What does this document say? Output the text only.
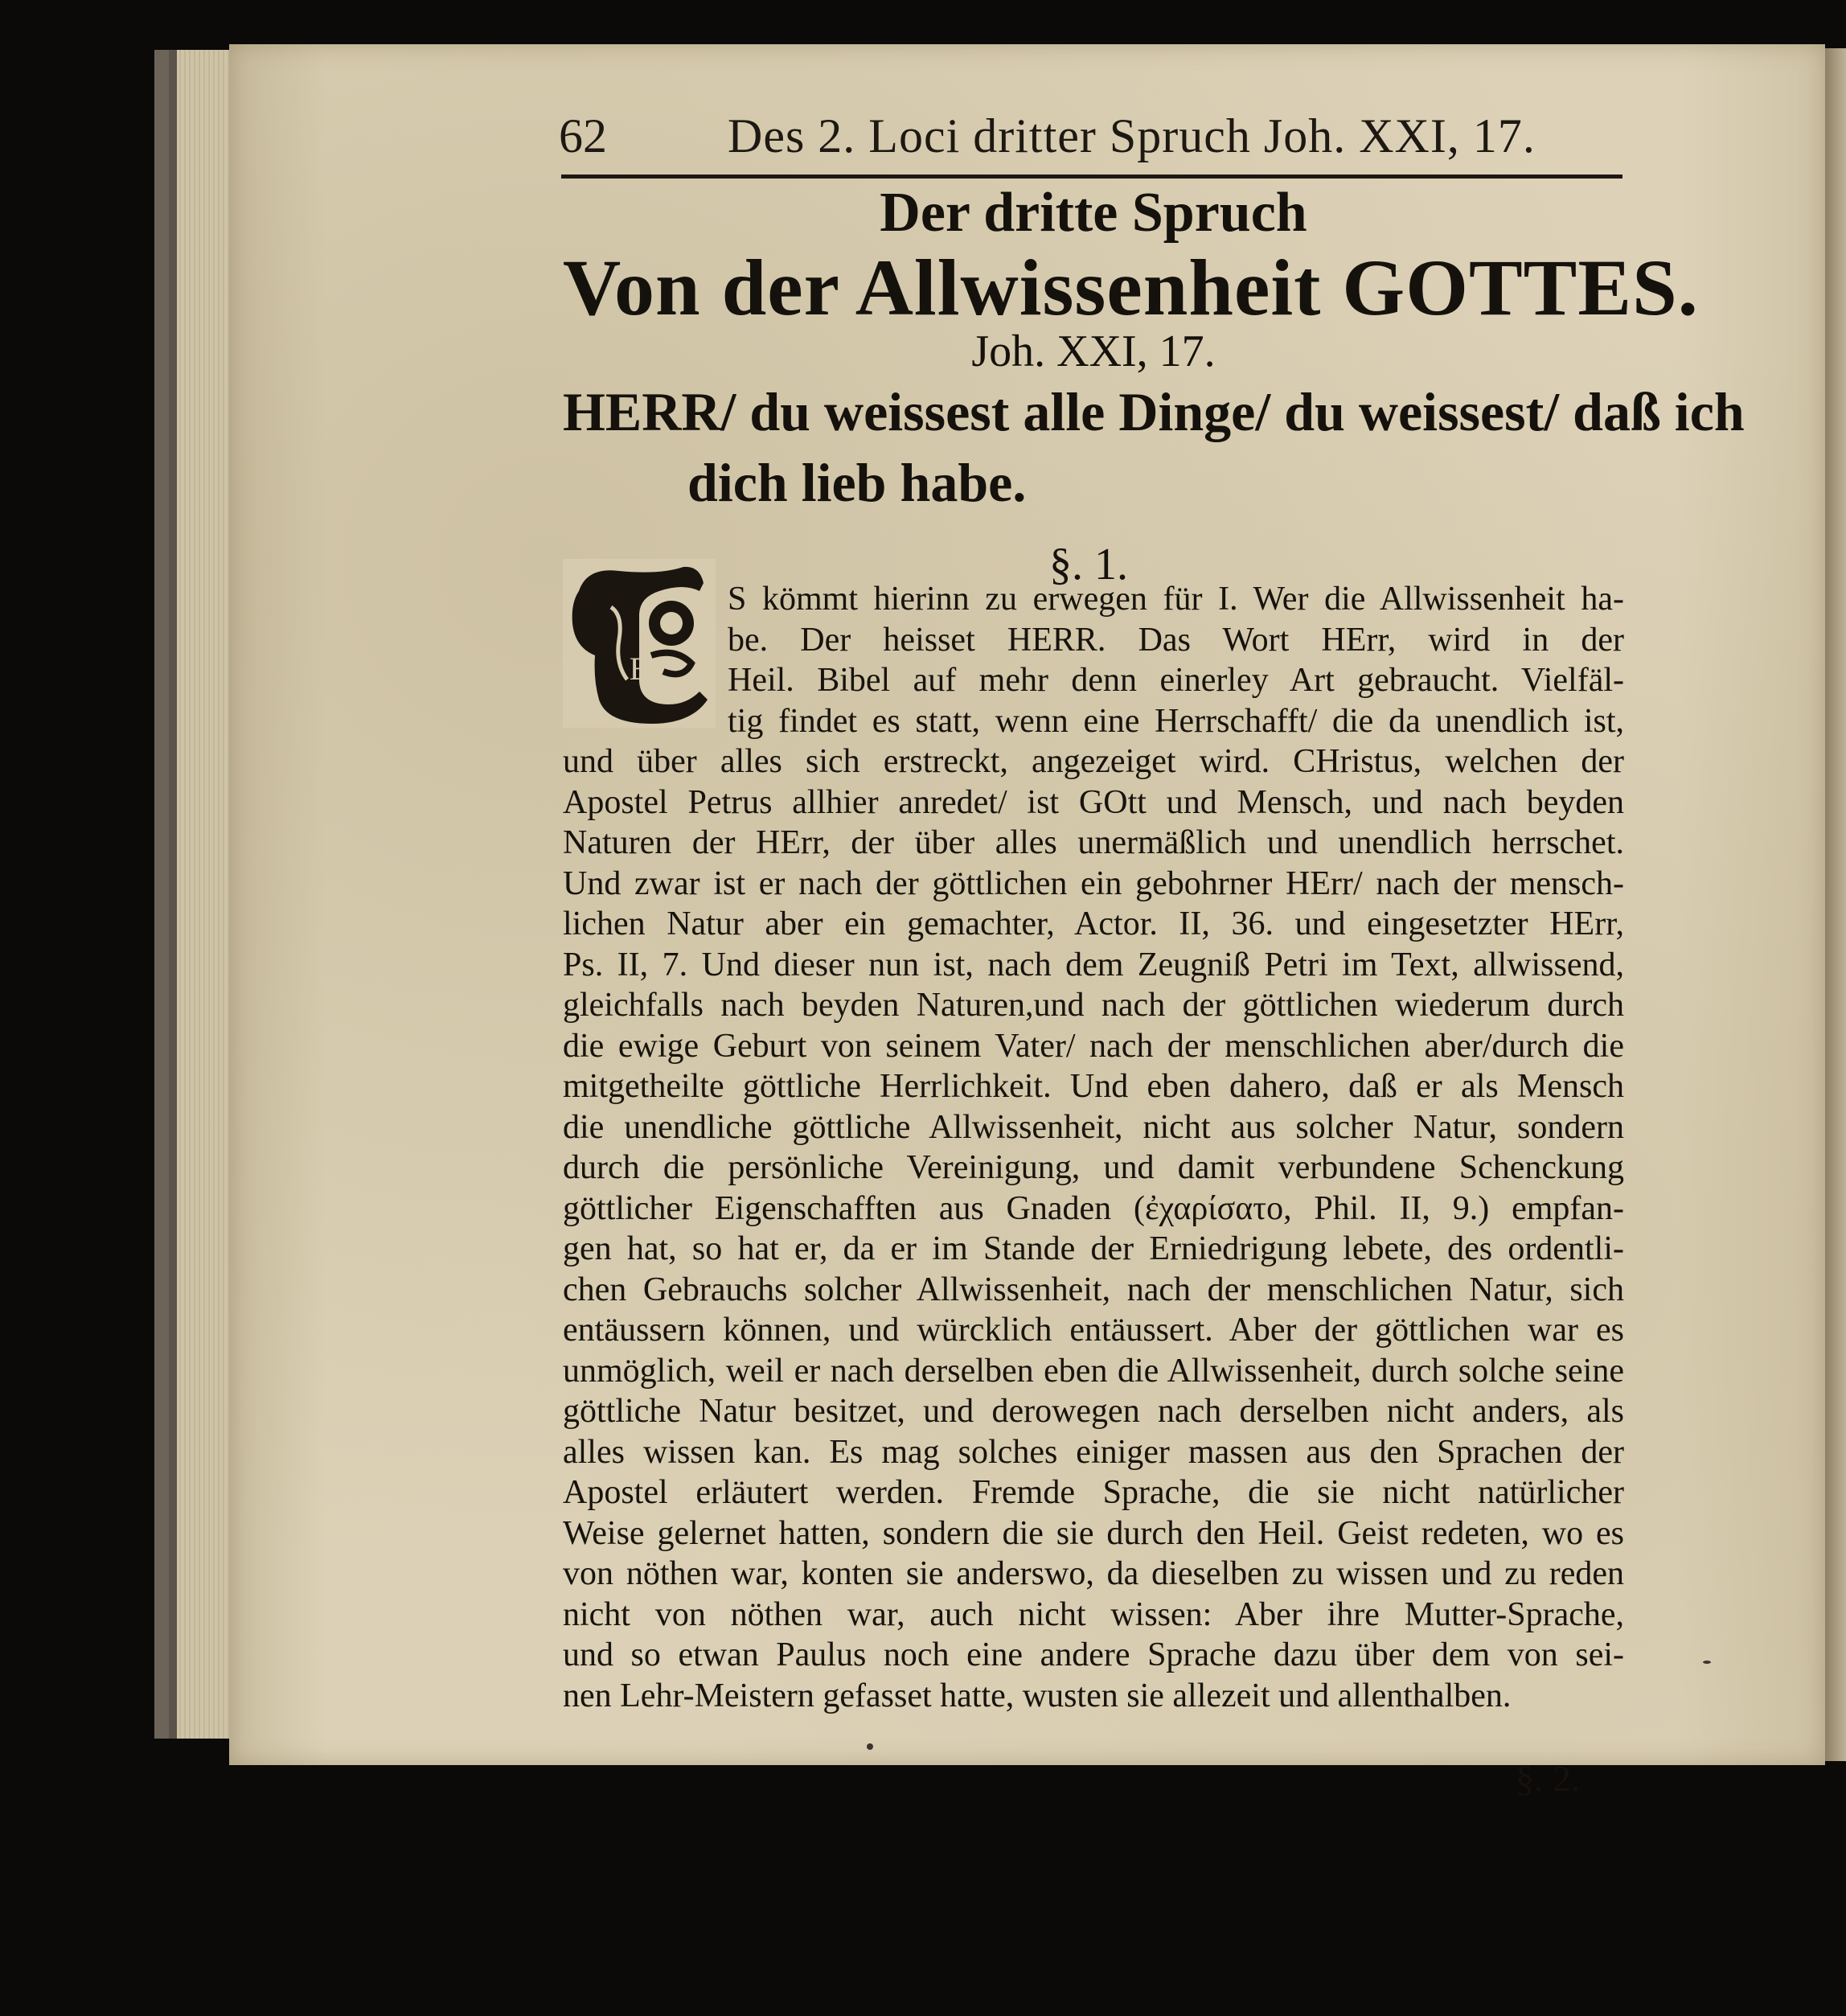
62	Des 2. Loci dritter Spruch Joh. XXI, 17.
Der dritte Spruch
Von der Allwissenheit GOTTES.
Joh. XXI, 17.
HERR/ du weissest alle Dinge/ du weissest/ daß ich
dich lieb habe.
§. 1.
E
S kömmt hierinn zu erwegen für I. Wer die Allwissenheit ha-
be. Der heisset HERR. Das Wort HErr, wird in der
Heil. Bibel auf mehr denn einerley Art gebraucht. Vielfäl-
tig findet es statt, wenn eine Herrschafft/ die da unendlich ist,
und über alles sich erstreckt, angezeiget wird. CHristus, welchen der
Apostel Petrus allhier anredet/ ist GOtt und Mensch, und nach beyden
Naturen der HErr, der über alles unermäßlich und unendlich herrschet.
Und zwar ist er nach der göttlichen ein gebohrner HErr/ nach der mensch-
lichen Natur aber ein gemachter, Actor. II, 36. und eingesetzter HErr,
Ps. II, 7. Und dieser nun ist, nach dem Zeugniß Petri im Text, allwissend,
gleichfalls nach beyden Naturen,und nach der göttlichen wiederum durch
die ewige Geburt von seinem Vater/ nach der menschlichen aber/durch die
mitgetheilte göttliche Herrlichkeit. Und eben dahero, daß er als Mensch
die unendliche göttliche Allwissenheit, nicht aus solcher Natur, sondern
durch die persönliche Vereinigung, und damit verbundene Schenckung
göttlicher Eigenschafften aus Gnaden (ἐχαρίσατο, Phil. II, 9.) empfan-
gen hat, so hat er, da er im Stande der Erniedrigung lebete, des ordentli-
chen Gebrauchs solcher Allwissenheit, nach der menschlichen Natur, sich
entäussern können, und würcklich entäussert. Aber der göttlichen war es
unmöglich, weil er nach derselben eben die Allwissenheit, durch solche seine
göttliche Natur besitzet, und derowegen nach derselben nicht anders, als
alles wissen kan. Es mag solches einiger massen aus den Sprachen der
Apostel erläutert werden. Fremde Sprache, die sie nicht natürlicher
Weise gelernet hatten, sondern die sie durch den Heil. Geist redeten, wo es
von nöthen war, konten sie anderswo, da dieselben zu wissen und zu reden
nicht von nöthen war, auch nicht wissen: Aber ihre Mutter-Sprache,
und so etwan Paulus noch eine andere Sprache dazu über dem von sei-
nen Lehr-Meistern gefasset hatte, wusten sie allezeit und allenthalben.
§. 2.
